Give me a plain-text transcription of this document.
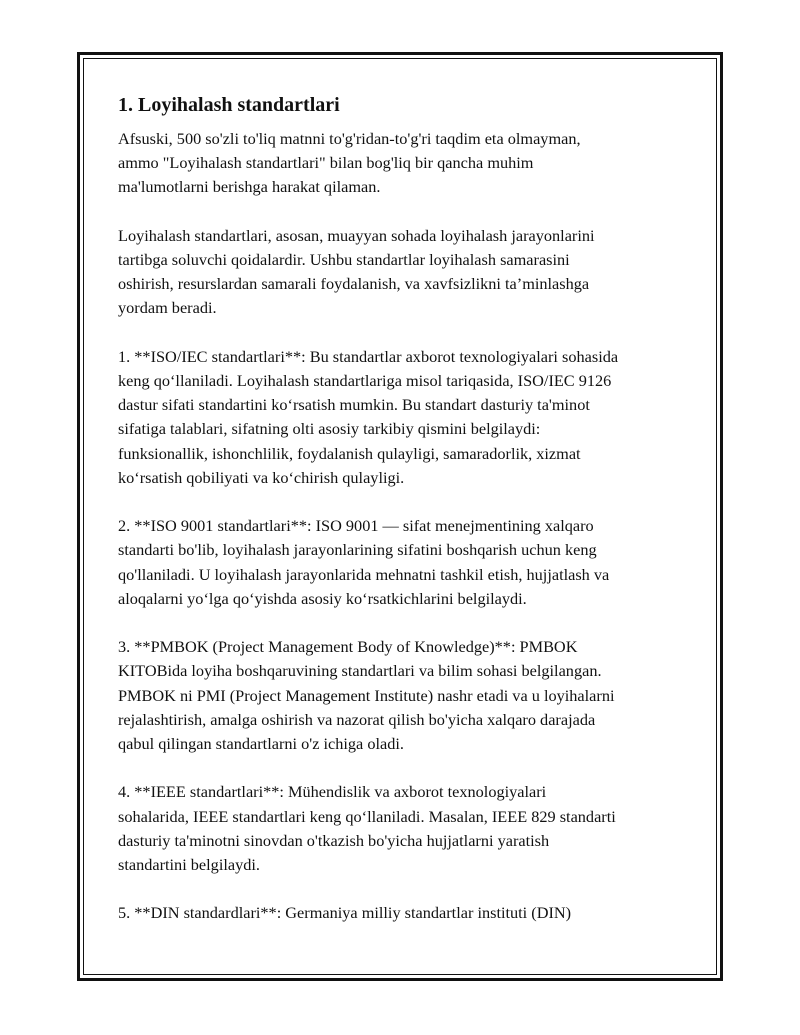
1. Loyihalash standartlari

Afsuski, 500 so'zli to'liq matnni to'g'ridan-to'g'ri taqdim eta olmayman,
ammo "Loyihalash standartlari" bilan bog'liq bir qancha muhim
ma'lumotlarni berishga harakat qilaman.

Loyihalash standartlari, asosan, muayyan sohada loyihalash jarayonlarini
tartibga soluvchi qoidalardir. Ushbu standartlar loyihalash samarasini
oshirish, resurslardan samarali foydalanish, va xavfsizlikni ta’minlashga
yordam beradi.

1. **ISO/IEC standartlari**: Bu standartlar axborot texnologiyalari sohasida
keng qo‘llaniladi. Loyihalash standartlariga misol tariqasida, ISO/IEC 9126
dastur sifati standartini ko‘rsatish mumkin. Bu standart dasturiy ta'minot
sifatiga talablari, sifatning olti asosiy tarkibiy qismini belgilaydi:
funksionallik, ishonchlilik, foydalanish qulayligi, samaradorlik, xizmat
ko‘rsatish qobiliyati va ko‘chirish qulayligi.

2. **ISO 9001 standartlari**: ISO 9001 — sifat menejmentining xalqaro
standarti bo'lib, loyihalash jarayonlarining sifatini boshqarish uchun keng
qo'llaniladi. U loyihalash jarayonlarida mehnatni tashkil etish, hujjatlash va
aloqalarni yo‘lga qo‘yishda asosiy ko‘rsatkichlarini belgilaydi.

3. **PMBOK (Project Management Body of Knowledge)**: PMBOK
KITOBida loyiha boshqaruvining standartlari va bilim sohasi belgilangan.
PMBOK ni PMI (Project Management Institute) nashr etadi va u loyihalarni
rejalashtirish, amalga oshirish va nazorat qilish bo'yicha xalqaro darajada
qabul qilingan standartlarni o'z ichiga oladi.

4. **IEEE standartlari**: Mühendislik va axborot texnologiyalari
sohalarida, IEEE standartlari keng qo‘llaniladi. Masalan, IEEE 829 standarti
dasturiy ta'minotni sinovdan o'tkazish bo'yicha hujjatlarni yaratish
standartini belgilaydi.

5. **DIN standardlari**: Germaniya milliy standartlar instituti (DIN)
